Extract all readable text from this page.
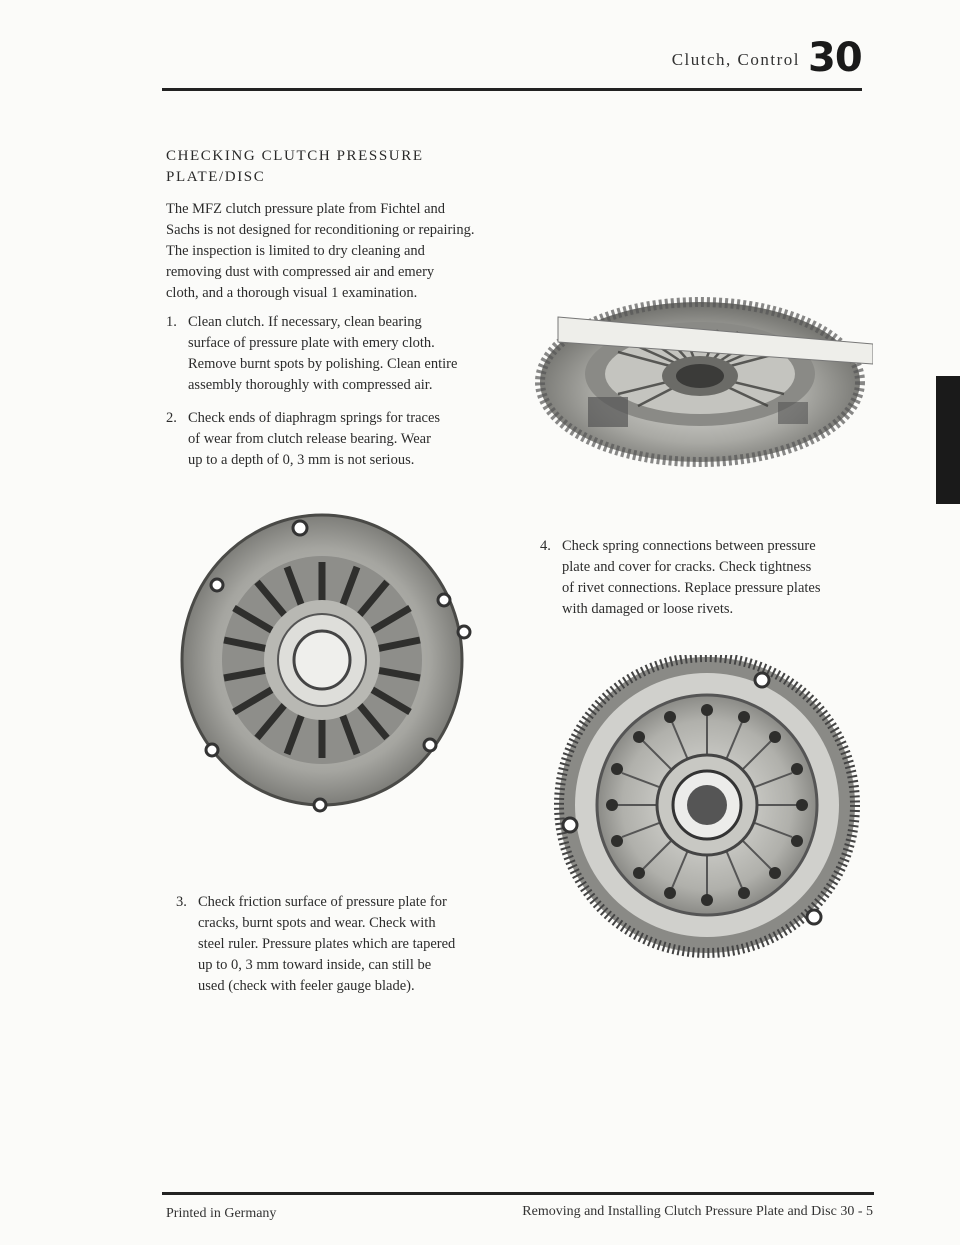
Clutch, Control 30
CHECKING CLUTCH PRESSURE
PLATE/DISC
The MFZ clutch pressure plate from Fichtel and
Sachs is not designed for reconditioning or repairing.
The inspection is limited to dry cleaning and
removing dust with compressed air and emery
cloth, and a thorough visual 1 examination.
1. Clean clutch. If necessary, clean bearing
surface of pressure plate with emery cloth.
Remove burnt spots by polishing. Clean entire
assembly thoroughly with compressed air.
2. Check ends of diaphragm springs for traces
of wear from clutch release bearing. Wear
up to a depth of 0, 3 mm is not serious.
4. Check spring connections between pressure
plate and cover for cracks. Check tightness
of rivet connections. Replace pressure plates
with damaged or loose rivets.
3. Check friction surface of pressure plate for
cracks, burnt spots and wear. Check with
steel ruler. Pressure plates which are tapered
up to 0, 3 mm toward inside, can still be
used (check with feeler gauge blade).
Printed in Germany	Removing and Installing Clutch Pressure Plate and Disc 30 - 5
